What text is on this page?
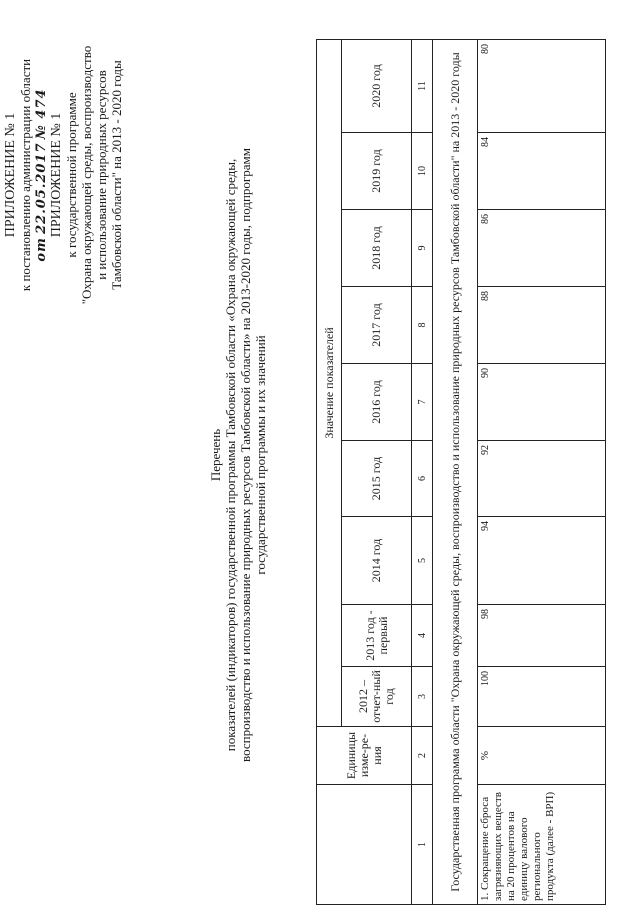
ПРИЛОЖЕНИЕ № 1 к постановлению администрации области от 22.05.2017 № 474 ПРИЛОЖЕНИЕ № 1 к государственной программе "Охрана окружающей среды, воспроизводство и использование природных ресурсов Тамбовской области" на 2013 - 2020 годы
Перечень показателей (индикаторов) государственной программы Тамбовской области «Охрана окружающей среды, воспроизводство и использование природных ресурсов Тамбовской области» на 2013-2020 годы, подпрограмм государственной программы и их значений
	Единицы изме-ре-ния	Значение показателей								
		2012 – отчет-ный год	2013 год - первый	2014 год	2015 год	2016 год	2017 год	2018 год	2019 год	2020 год
1	2	3	4	5	6	7	8	9	10	11
Государственная программа области "Охрана окружающей среды, воспроизводство и использование природных ресурсов Тамбовской области" на 2013 - 2020 годы										
1. Сокращение сброса загрязняющих веществ на 20 процентов на единицу валового регионального продукта (далее - ВРП)	%	100	98	94	92	90	88	86	84	80
